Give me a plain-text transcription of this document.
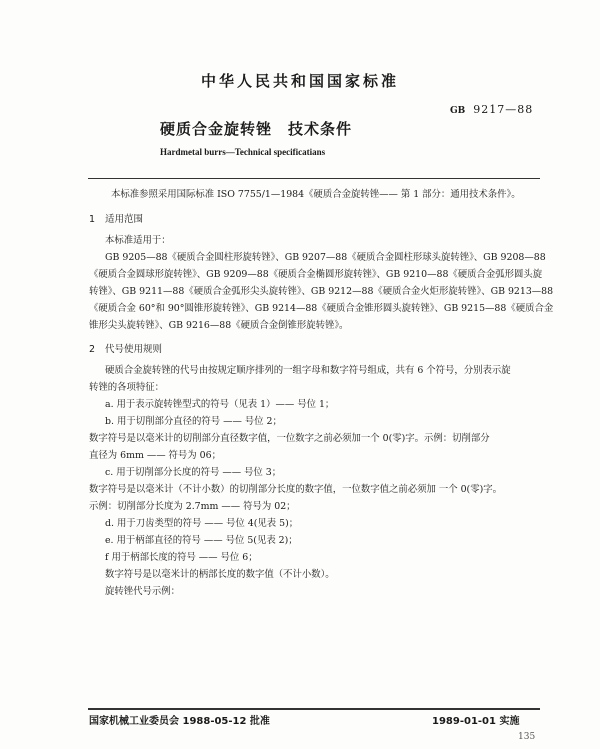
中华人民共和国国家标准
GB 9217—88
硬质合金旋转锉 技术条件
Hardmetal burrs—Technical specificatians
本标准参照采用国际标准 ISO 7755/1—1984《硬质合金旋转锉—— 第 1 部分：通用技术条件》。
1 适用范围
本标准适用于：
GB 9205—88《硬质合金圆柱形旋转锉》、GB 9207—88《硬质合金圆柱形球头旋转锉》、GB 9208—88
《硬质合金圆球形旋转锉》、GB 9209—88《硬质合金椭圆形旋转锉》、GB 9210—88《硬质合金弧形圆头旋
转锉》、GB 9211—88《硬质合金弧形尖头旋转锉》、GB 9212—88《硬质合金火炬形旋转锉》、GB 9213—88
《硬质合金 60°和 90°圆锥形旋转锉》、GB 9214—88《硬质合金锥形圆头旋转锉》、GB 9215—88《硬质合金
锥形尖头旋转锉》、GB 9216—88《硬质合金倒锥形旋转锉》。
2 代号使用规则
硬质合金旋转锉的代号由按规定顺序排列的一组字母和数字符号组成，共有 6 个符号，分别表示旋
转锉的各项特征：
a. 用于表示旋转锉型式的符号（见表 1）—— 号位 1；
b. 用于切削部分直径的符号 —— 号位 2；
数字符号是以毫米计的切削部分直径数字值，一位数字之前必须加一个 0(零)字。示例：切削部分
直径为 6mm —— 符号为 06；
c. 用于切削部分长度的符号 —— 号位 3；
数字符号是以毫米计（不计小数）的切削部分长度的数字值，一位数字值之前必须加 一个 0(零)字。
示例：切削部分长度为 2.7mm —— 符号为 02；
d. 用于刀齿类型的符号 —— 号位 4(见表 5)；
e. 用于柄部直径的符号 —— 号位 5(见表 2)；
f 用于柄部长度的符号 —— 号位 6；
数字符号是以毫米计的柄部长度的数字值（不计小数）。
旋转锉代号示例：
国家机械工业委员会 1988-05-12 批准	1989-01-01 实施
135
